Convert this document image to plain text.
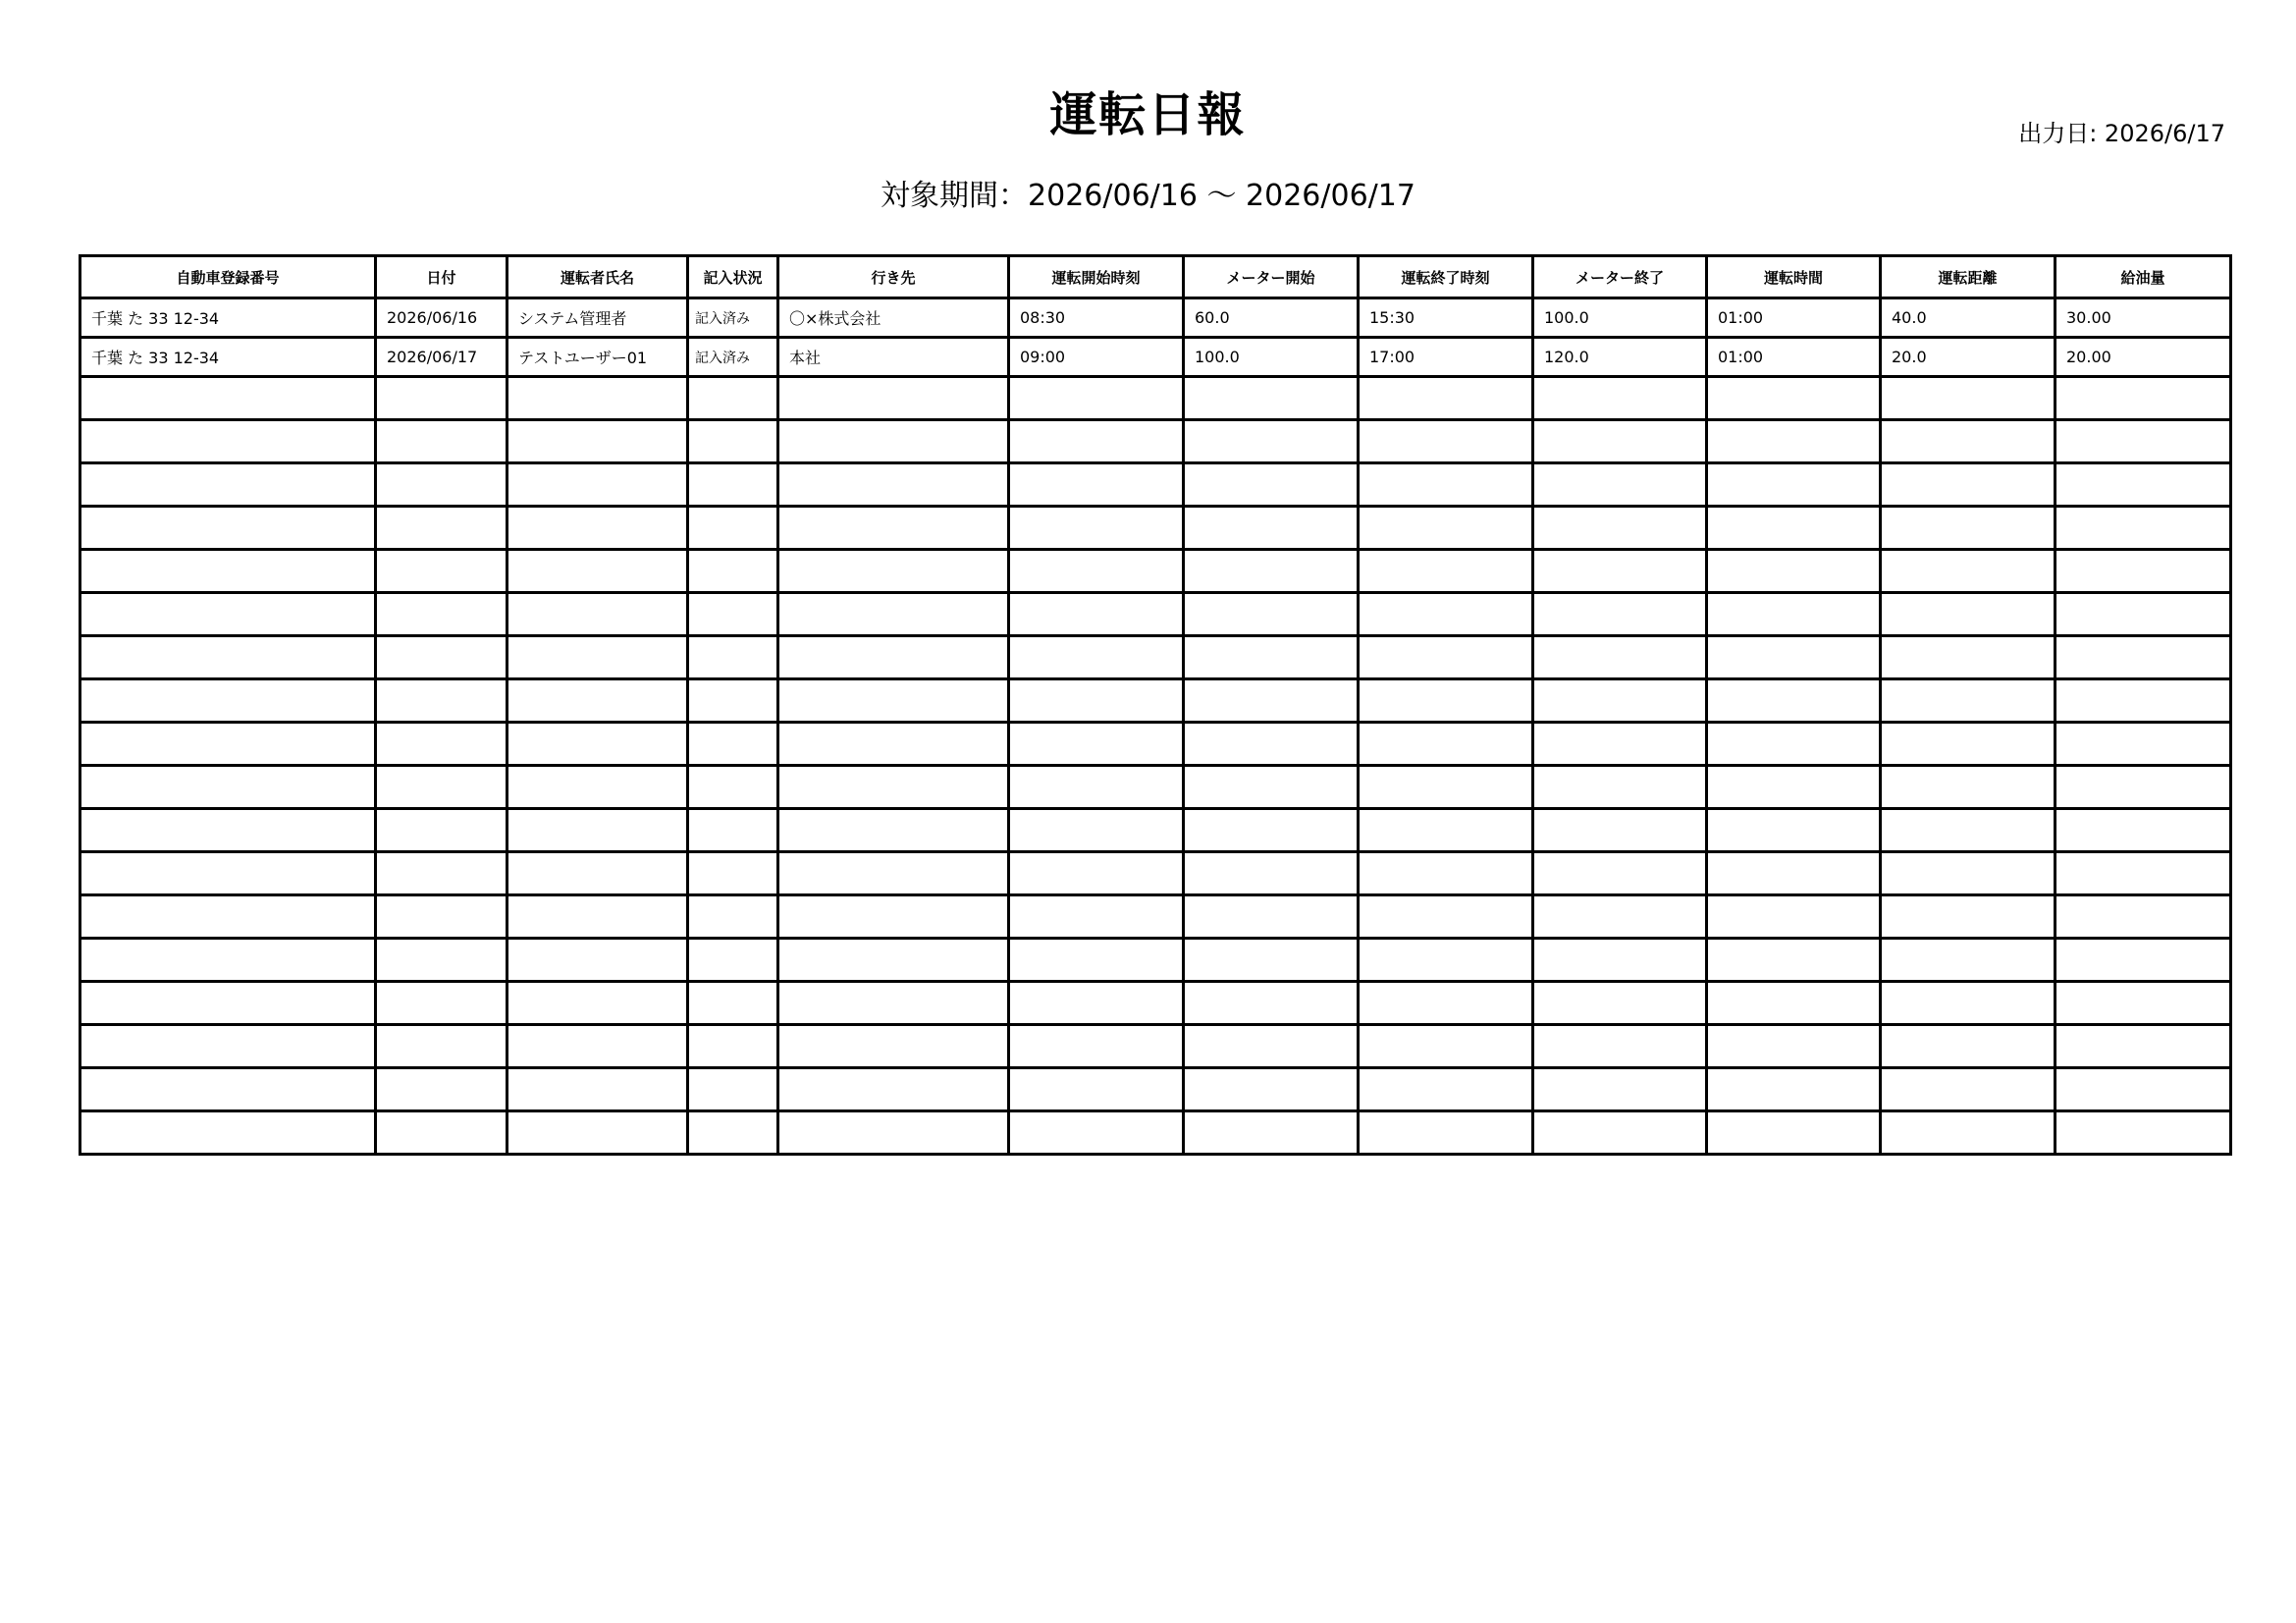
運転日報	出力日: 2026/6/17
対象期間：2026/06/16 〜 2026/06/17
自動車登録番号	日付	運転者氏名	記入状況	行き先	運転開始時刻	メーター開始	運転終了時刻	メーター終了	運転時間	運転距離	給油量
千葉 た 33 12-34	2026/06/16	システム管理者	記入済み	〇×株式会社	08:30	60.0	15:30	100.0	01:00	40.0	30.00
千葉 た 33 12-34	2026/06/17	テストユーザー01	記入済み	本社	09:00	100.0	17:00	120.0	01:00	20.0	20.00
